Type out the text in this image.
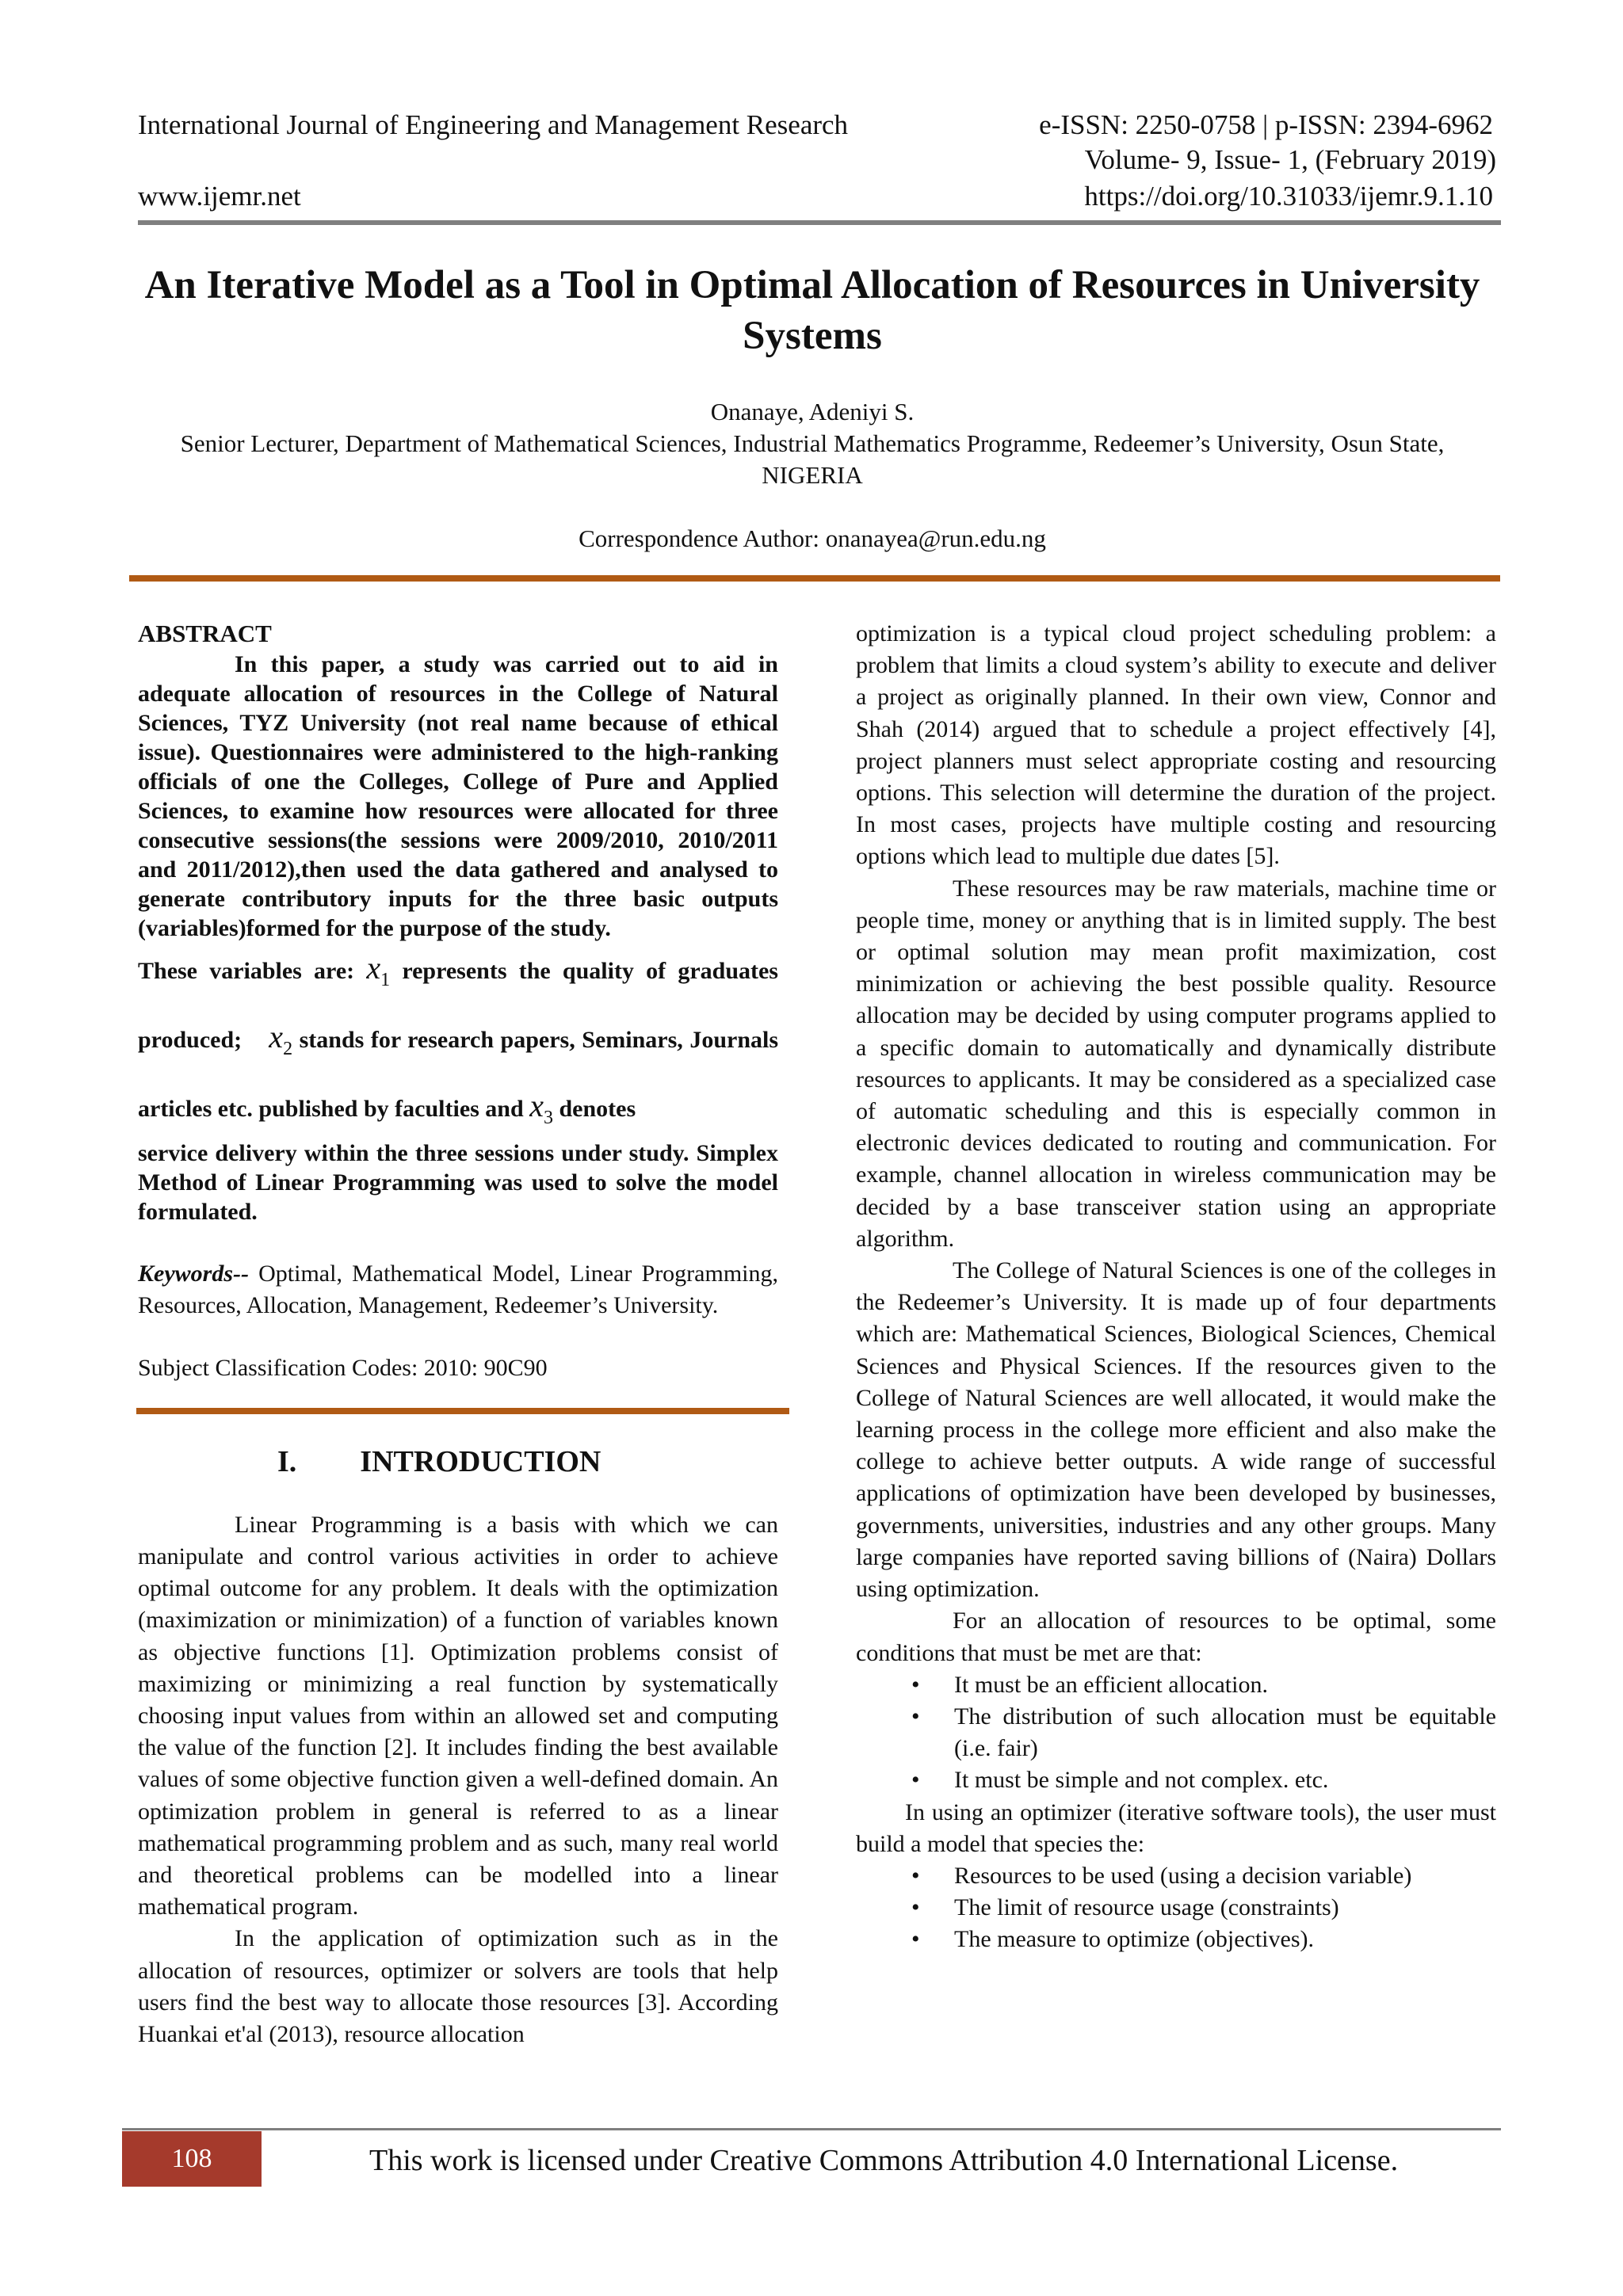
International Journal of Engineering and Management Research	e-ISSN: 2250-0758 | p-ISSN: 2394-6962
Volume- 9, Issue- 1, (February 2019)
www.ijemr.net	https://doi.org/10.31033/ijemr.9.1.10
An Iterative Model as a Tool in Optimal Allocation of Resources in University Systems
Onanaye, Adeniyi S.
Senior Lecturer, Department of Mathematical Sciences, Industrial Mathematics Programme, Redeemer’s University, Osun State, NIGERIA
Correspondence Author: onanayea@run.edu.ng
ABSTRACT

In this paper, a study was carried out to aid in adequate allocation of resources in the College of Natural Sciences, TYZ University (not real name because of ethical issue). Questionnaires were administered to the high-ranking officials of one the Colleges, College of Pure and Applied Sciences, to examine how resources were allocated for three consecutive sessions(the sessions were 2009/2010, 2010/2011 and 2011/2012),then used the data gathered and analysed to generate contributory inputs for the three basic outputs (variables)formed for the purpose of the study.

These variables are: $x_1$ represents the quality of graduates produced; $x_2$ stands for research papers, Seminars, Journals articles etc. published by faculties and $x_3$ denotes

service delivery within the three sessions under study. Simplex Method of Linear Programming was used to solve the model formulated.

Keywords-- Optimal, Mathematical Model, Linear Programming, Resources, Allocation, Management, Redeemer’s University.

Subject Classification Codes: 2010: 90C90

I. INTRODUCTION

Linear Programming is a basis with which we can manipulate and control various activities in order to achieve optimal outcome for any problem. It deals with the optimization (maximization or minimization) of a function of variables known as objective functions [1]. Optimization problems consist of maximizing or minimizing a real function by systematically choosing input values from within an allowed set and computing the value of the function [2]. It includes finding the best available values of some objective function given a well-defined domain. An optimization problem in general is referred to as a linear mathematical programming problem and as such, many real world and theoretical problems can be modelled into a linear mathematical program.

In the application of optimization such as in the allocation of resources, optimizer or solvers are tools that help users find the best way to allocate those resources [3]. According Huankai et'al (2013), resource allocation

optimization is a typical cloud project scheduling problem: a problem that limits a cloud system’s ability to execute and deliver a project as originally planned. In their own view, Connor and Shah (2014) argued that to schedule a project effectively [4], project planners must select appropriate costing and resourcing options. This selection will determine the duration of the project. In most cases, projects have multiple costing and resourcing options which lead to multiple due dates [5].

These resources may be raw materials, machine time or people time, money or anything that is in limited supply. The best or optimal solution may mean profit maximization, cost minimization or achieving the best possible quality. Resource allocation may be decided by using computer programs applied to a specific domain to automatically and dynamically distribute resources to applicants. It may be considered as a specialized case of automatic scheduling and this is especially common in electronic devices dedicated to routing and communication. For example, channel allocation in wireless communication may be decided by a base transceiver station using an appropriate algorithm.

The College of Natural Sciences is one of the colleges in the Redeemer’s University. It is made up of four departments which are: Mathematical Sciences, Biological Sciences, Chemical Sciences and Physical Sciences. If the resources given to the College of Natural Sciences are well allocated, it would make the learning process in the college more efficient and also make the college to achieve better outputs. A wide range of successful applications of optimization have been developed by businesses, governments, universities, industries and any other groups. Many large companies have reported saving billions of (Naira) Dollars using optimization.

For an allocation of resources to be optimal, some conditions that must be met are that:

• It must be an efficient allocation.
• The distribution of such allocation must be equitable (i.e. fair)
• It must be simple and not complex. etc.

In using an optimizer (iterative software tools), the user must build a model that species the:

• Resources to be used (using a decision variable)
• The limit of resource usage (constraints)
• The measure to optimize (objectives).
108	This work is licensed under Creative Commons Attribution 4.0 International License.
